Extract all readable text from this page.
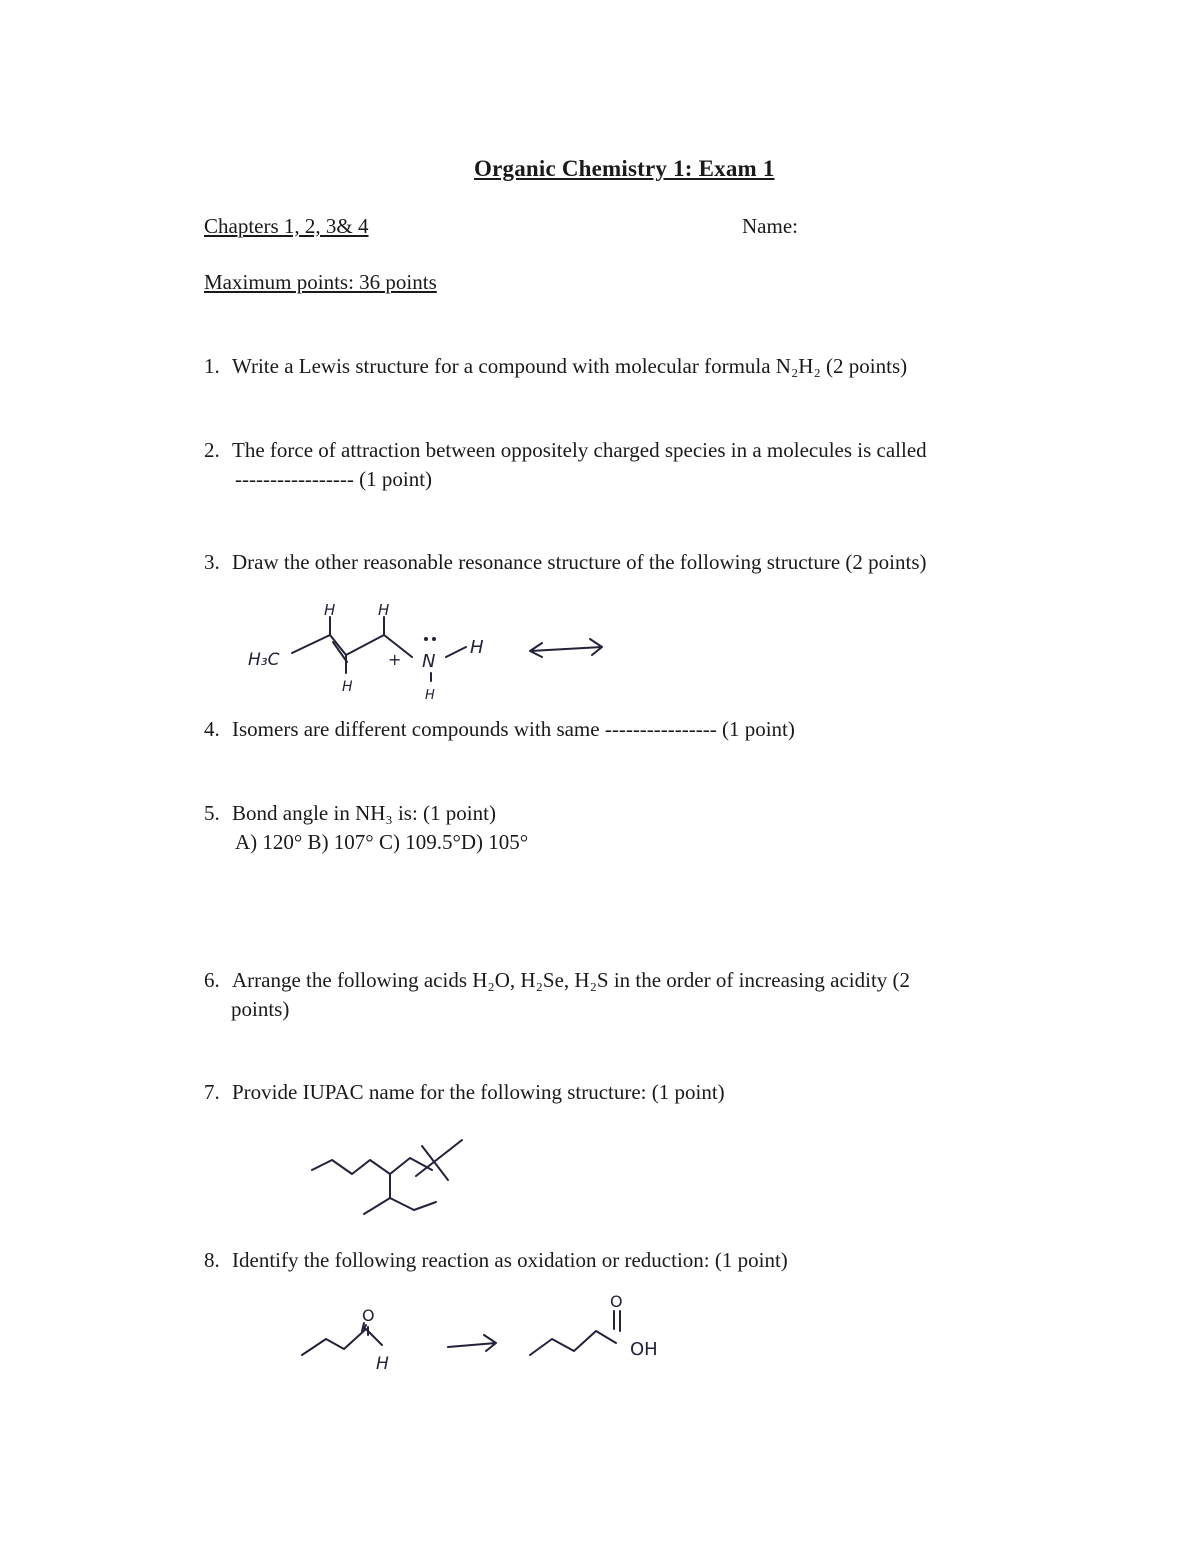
Organic Chemistry 1: Exam 1
Chapters 1, 2, 3& 4	Name:
Maximum points: 36 points
1. Write a Lewis structure for a compound with molecular formula N₂H₂ (2 points)
2. The force of attraction between oppositely charged species in a molecules is called
----------------- (1 point)
3. Draw the other reasonable resonance structure of the following structure (2 points)
H₃C
H	H
H
+ N
H
H
4. Isomers are different compounds with same ---------------- (1 point)
5. Bond angle in NH₃ is: (1 point)
A) 120° B) 107° C) 109.5°D) 105°
6. Arrange the following acids H₂O, H₂Se, H₂S in the order of increasing acidity (2
points)
7. Provide IUPAC name for the following structure: (1 point)
8. Identify the following reaction as oxidation or reduction: (1 point)
O
H
O
OH
